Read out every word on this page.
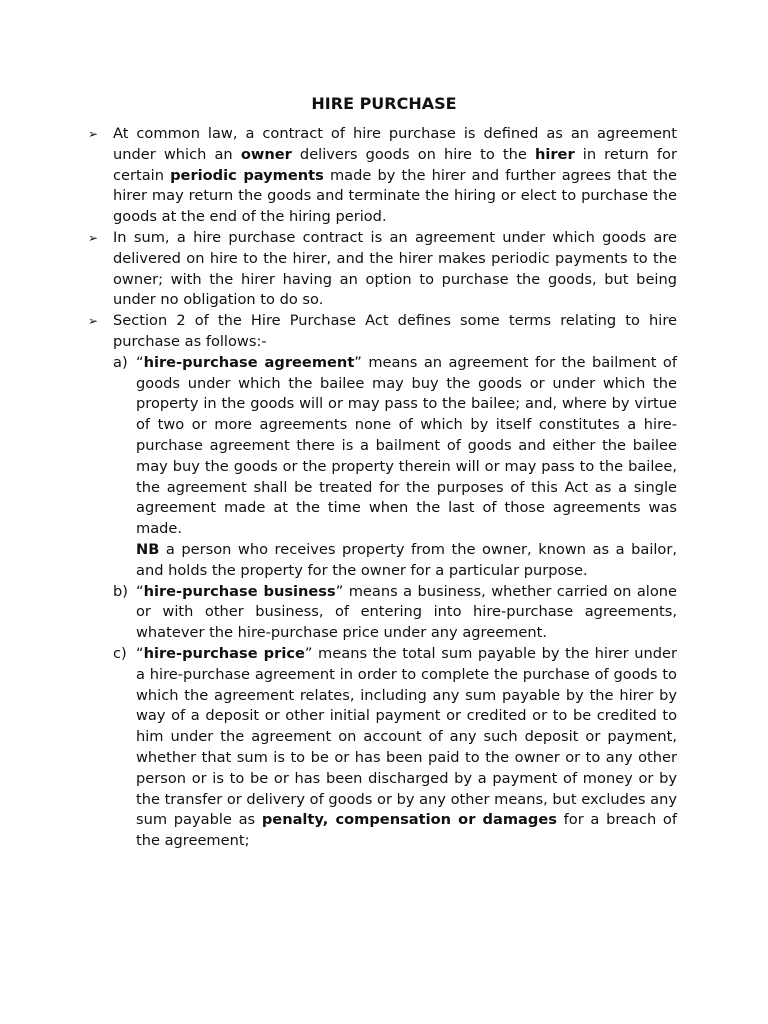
HIRE PURCHASE
➢ At common law, a contract of hire purchase is defined as an agreement under which an owner delivers goods on hire to the hirer in return for certain periodic payments made by the hirer and further agrees that the hirer may return the goods and terminate the hiring or elect to purchase the goods at the end of the hiring period.
➢ In sum, a hire purchase contract is an agreement under which goods are delivered on hire to the hirer, and the hirer makes periodic payments to the owner; with the hirer having an option to purchase the goods, but being under no obligation to do so.
➢ Section 2 of the Hire Purchase Act defines some terms relating to hire purchase as follows:-
a) “hire-purchase agreement” means an agreement for the bailment of goods under which the bailee may buy the goods or under which the property in the goods will or may pass to the bailee; and, where by virtue of two or more agreements none of which by itself constitutes a hire-purchase agreement there is a bailment of goods and either the bailee may buy the goods or the property therein will or may pass to the bailee, the agreement shall be treated for the purposes of this Act as a single agreement made at the time when the last of those agreements was made.
NB a person who receives property from the owner, known as a bailor, and holds the property for the owner for a particular purpose.
b) “hire-purchase business” means a business, whether carried on alone or with other business, of entering into hire-purchase agreements, whatever the hire-purchase price under any agreement.
c) “hire-purchase price” means the total sum payable by the hirer under a hire-purchase agreement in order to complete the purchase of goods to which the agreement relates, including any sum payable by the hirer by way of a deposit or other initial payment or credited or to be credited to him under the agreement on account of any such deposit or payment, whether that sum is to be or has been paid to the owner or to any other person or is to be or has been discharged by a payment of money or by the transfer or delivery of goods or by any other means, but excludes any sum payable as penalty, compensation or damages for a breach of the agreement;
